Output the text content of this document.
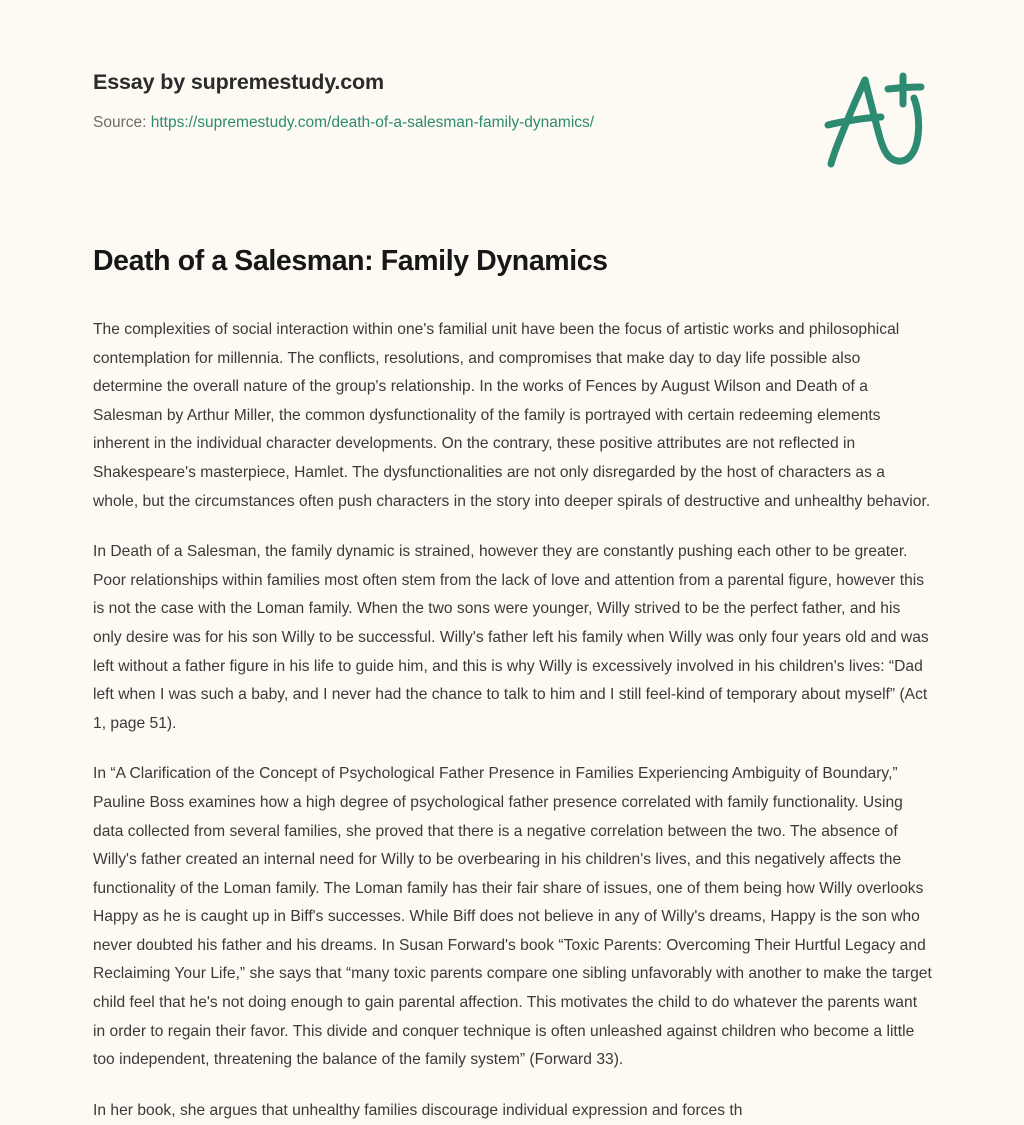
Essay by supremestudy.com
Source: https://supremestudy.com/death-of-a-salesman-family-dynamics/
Death of a Salesman: Family Dynamics

The complexities of social interaction within one's familial unit have been the focus of artistic works and philosophical contemplation for millennia. The conflicts, resolutions, and compromises that make day to day life possible also determine the overall nature of the group's relationship. In the works of Fences by August Wilson and Death of a Salesman by Arthur Miller, the common dysfunctionality of the family is portrayed with certain redeeming elements inherent in the individual character developments. On the contrary, these positive attributes are not reflected in Shakespeare's masterpiece, Hamlet. The dysfunctionalities are not only disregarded by the host of characters as a whole, but the circumstances often push characters in the story into deeper spirals of destructive and unhealthy behavior.

In Death of a Salesman, the family dynamic is strained, however they are constantly pushing each other to be greater. Poor relationships within families most often stem from the lack of love and attention from a parental figure, however this is not the case with the Loman family. When the two sons were younger, Willy strived to be the perfect father, and his only desire was for his son Willy to be successful. Willy's father left his family when Willy was only four years old and was left without a father figure in his life to guide him, and this is why Willy is excessively involved in his children's lives: “Dad left when I was such a baby, and I never had the chance to talk to him and I still feel-kind of temporary about myself” (Act 1, page 51).

In “A Clarification of the Concept of Psychological Father Presence in Families Experiencing Ambiguity of Boundary,” Pauline Boss examines how a high degree of psychological father presence correlated with family functionality. Using data collected from several families, she proved that there is a negative correlation between the two. The absence of Willy's father created an internal need for Willy to be overbearing in his children's lives, and this negatively affects the functionality of the Loman family. The Loman family has their fair share of issues, one of them being how Willy overlooks Happy as he is caught up in Biff's successes. While Biff does not believe in any of Willy's dreams, Happy is the son who never doubted his father and his dreams. In Susan Forward's book “Toxic Parents: Overcoming Their Hurtful Legacy and Reclaiming Your Life,” she says that “many toxic parents compare one sibling unfavorably with another to make the target child feel that he's not doing enough to gain parental affection. This motivates the child to do whatever the parents want in order to regain their favor. This divide and conquer technique is often unleashed against children who become a little too independent, threatening the balance of the family system” (Forward 33).

In her book, she argues that unhealthy families discourage individual expression and forces th
